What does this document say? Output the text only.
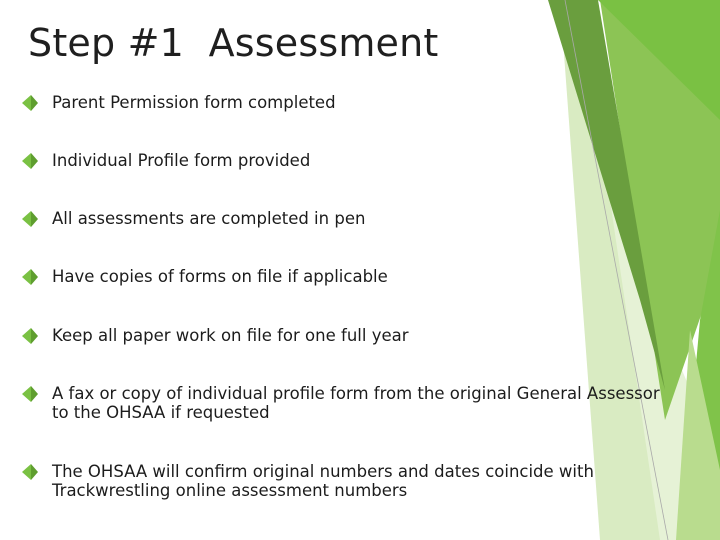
Step #1  Assessment
Parent Permission form completed
Individual Profile form provided
All assessments are completed in pen
Have copies of forms on file if applicable
Keep all paper work on file for one full year
A fax or copy of individual profile form from the original General Assessor to the OHSAA if requested
The OHSAA will confirm original numbers and dates coincide with Trackwrestling online assessment numbers
